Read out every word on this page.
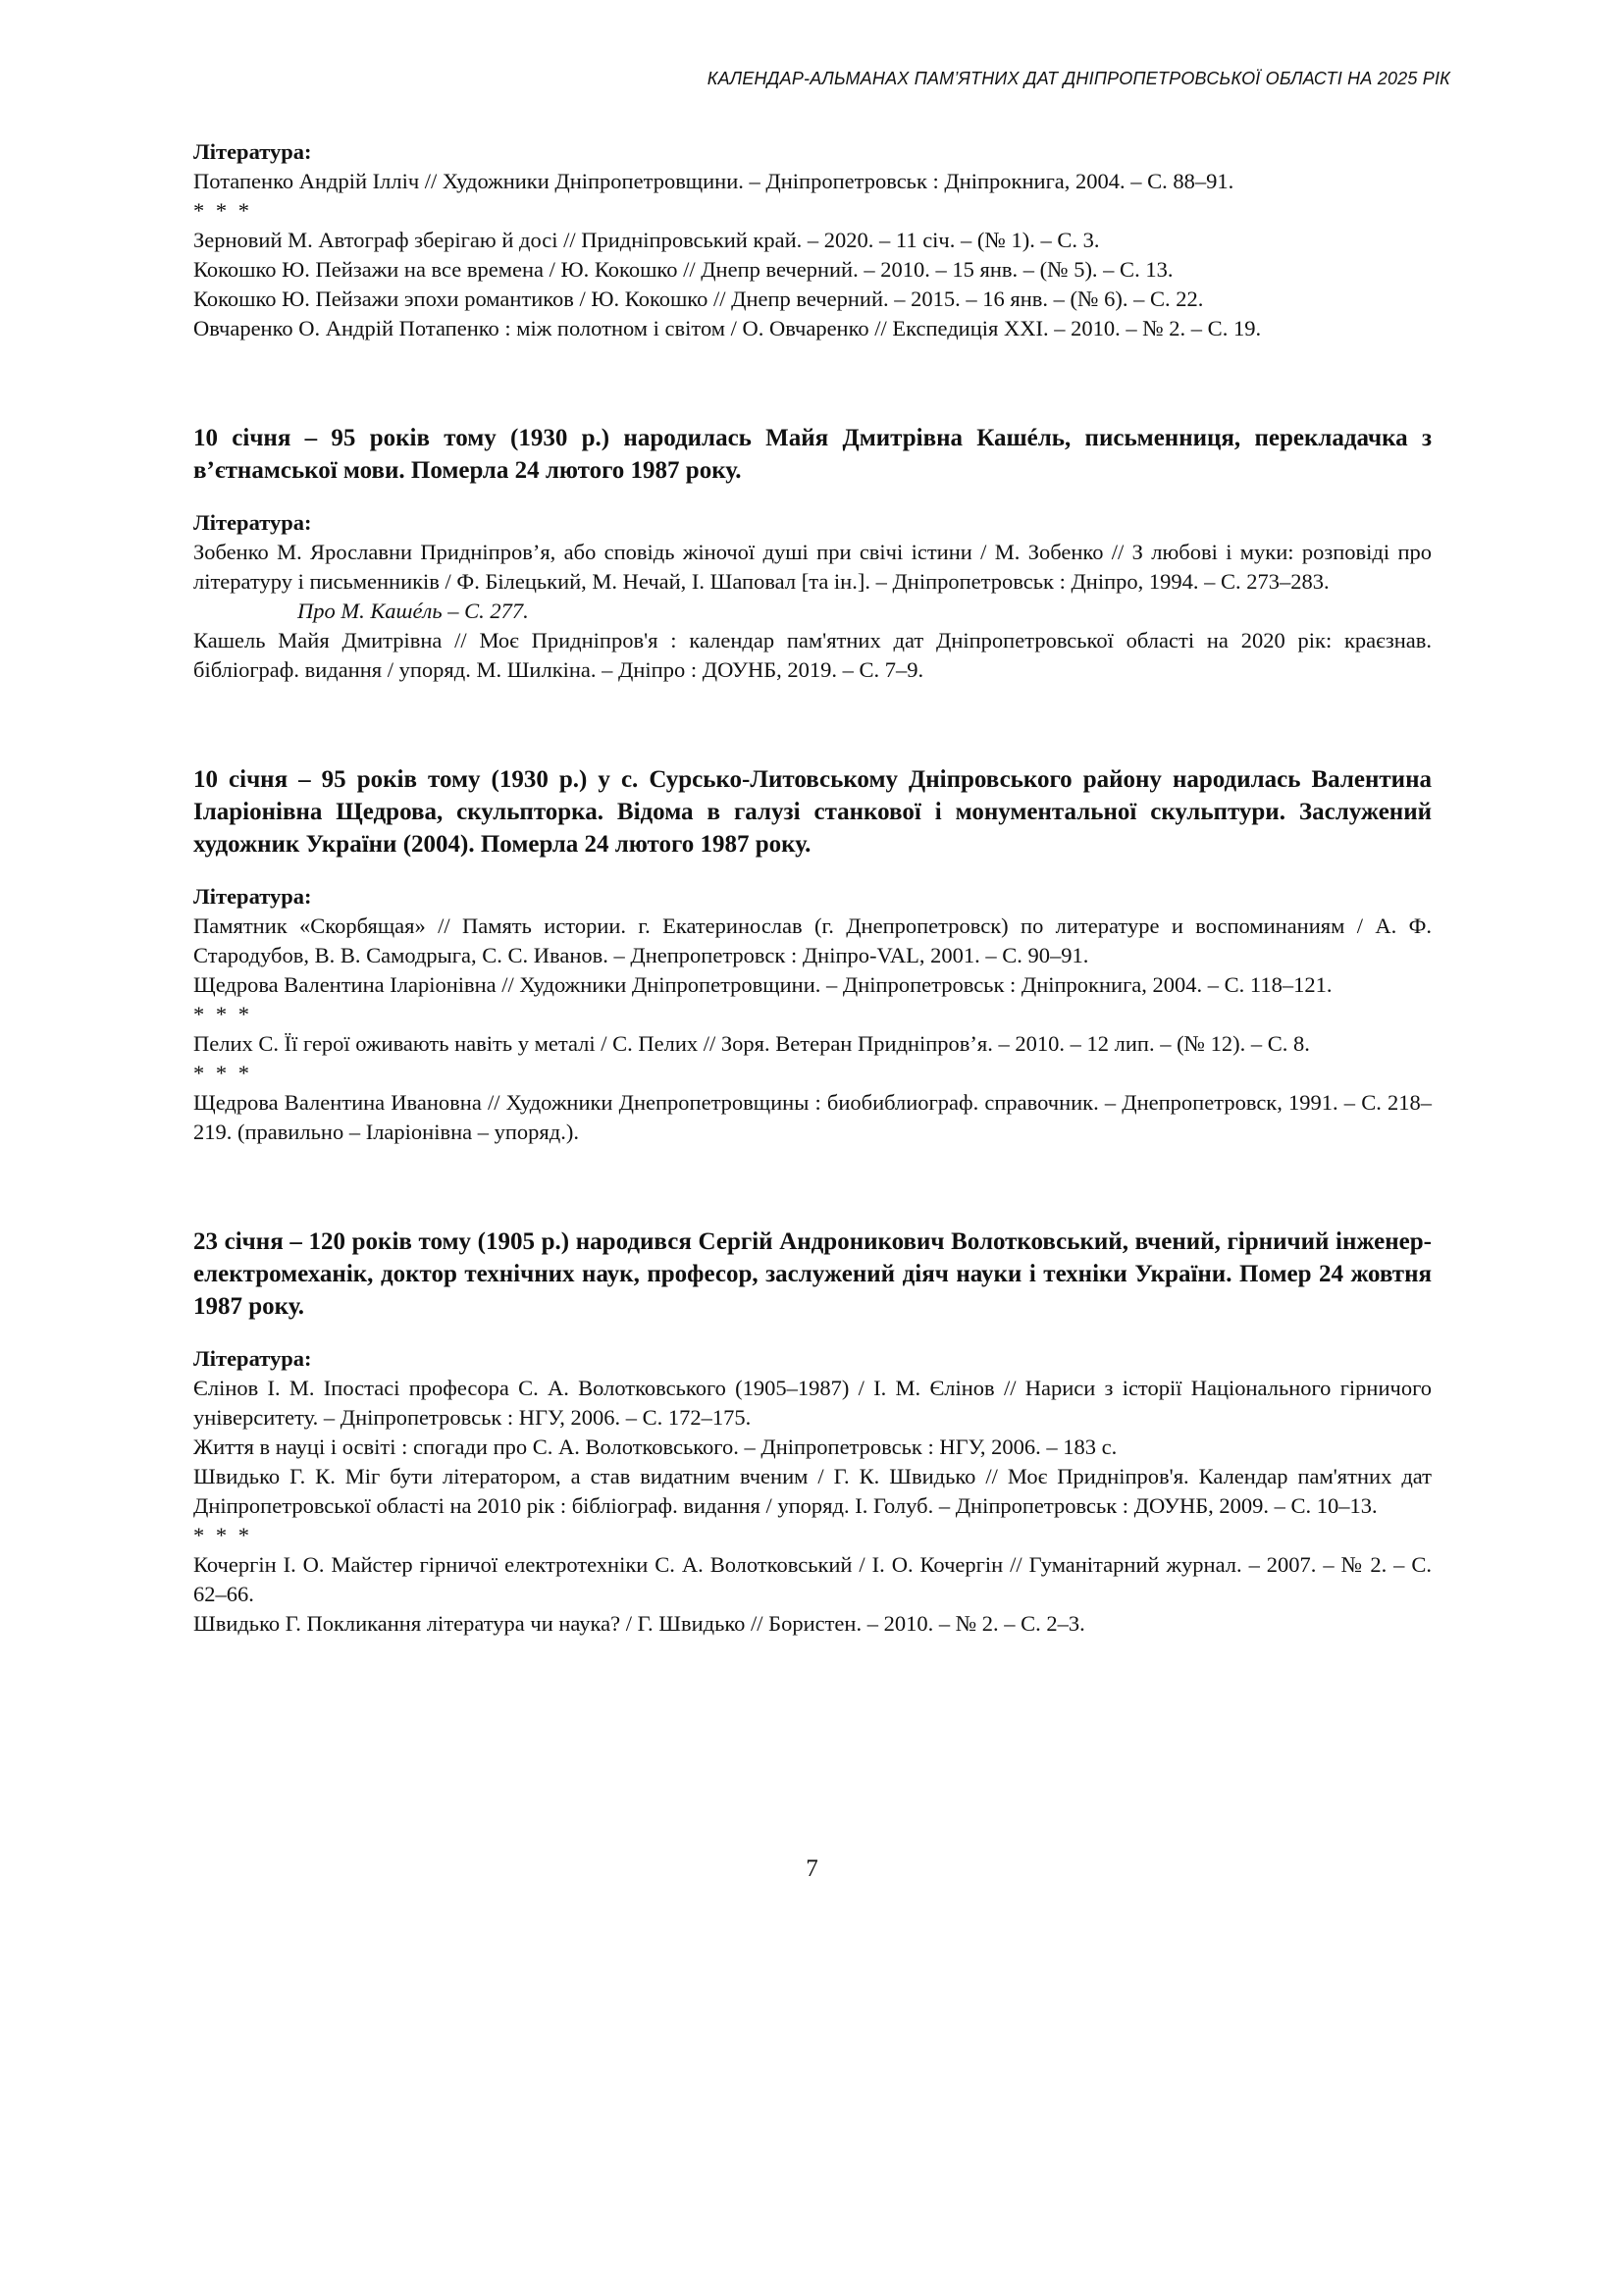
КАЛЕНДАР-АЛЬМАНАХ ПАМ’ЯТНИХ ДАТ ДНІПРОПЕТРОВСЬКОЇ ОБЛАСТІ НА 2025 РІК

Література:

Потапенко Андрій Ілліч // Художники Дніпропетровщини. – Дніпропетровськ : Дніпрокнига, 2004. – С. 88–91.

* * *

Зерновий М. Автограф зберігаю й досі // Придніпровський край. – 2020. – 11 січ. – (№ 1). – С. 3.

Кокошко Ю. Пейзажи на все времена / Ю. Кокошко // Днепр вечерний. – 2010. – 15 янв. – (№ 5). – С. 13.

Кокошко Ю. Пейзажи эпохи романтиков / Ю. Кокошко // Днепр вечерний. – 2015. – 16 янв. – (№ 6). – С. 22.

Овчаренко О. Андрій Потапенко : між полотном і світом / О. Овчаренко // Експедиція XXI. – 2010. – № 2. – С. 19.

10 січня – 95 років тому (1930 р.) народилась Майя Дмитрівна Кашéль, письменниця, перекладачка з в’єтнамської мови. Померла 24 лютого 1987 року.

Література:

Зобенко М. Ярославни Придніпров’я, або сповідь жіночої душі при свічі істини / М. Зобенко // З любові і муки: розповіді про літературу і письменників / Ф. Білецький, М. Нечай, І. Шаповал [та ін.]. – Дніпропетровськ : Дніпро, 1994. – С. 273–283.

Про М. Кашéль – С. 277.

Кашель Майя Дмитрівна // Моє Придніпров'я : календар пам'ятних дат Дніпропетровської області на 2020 рік: краєзнав. бібліограф. видання / упоряд. М. Шилкіна. – Дніпро : ДОУНБ, 2019. – С. 7–9.

10 січня – 95 років тому (1930 р.) у с. Сурсько-Литовському Дніпровського району народилась Валентина Іларіонівна Щедрова, скульпторка. Відома в галузі станкової і монументальної скульптури. Заслужений художник України (2004). Померла 24 лютого 1987 року.

Література:

Памятник «Скорбящая» // Память истории. г. Екатеринослав (г. Днепропетровск) по литературе и воспоминаниям / А. Ф. Стародубов, В. В. Самодрыга, С. С. Иванов. – Днепропетровск : Дніпро-VAL, 2001. – С. 90–91.

Щедрова Валентина Іларіонівна // Художники Дніпропетровщини. – Дніпропетровськ : Дніпрокнига, 2004. – С. 118–121.

* * *

Пелих С. Її герої оживають навіть у металі / С. Пелих // Зоря. Ветеран Придніпров’я. – 2010. – 12 лип. – (№ 12). – С. 8.

* * *

Щедрова Валентина Ивановна // Художники Днепропетровщины : биобиблиограф. справочник. – Днепропетровск, 1991. – С. 218–219. (правильно – Іларіонівна – упоряд.).

23 січня – 120 років тому (1905 р.) народився Сергій Андроникович Волотковський, вчений, гірничий інженер-електромеханік, доктор технічних наук, професор, заслужений діяч науки і техніки України. Помер 24 жовтня 1987 року.

Література:

Єлінов І. М. Іпостасі професора С. А. Волотковського (1905–1987) / І. М. Єлінов // Нариси з історії Національного гірничого університету. – Дніпропетровськ : НГУ, 2006. – С. 172–175.

Життя в науці і освіті : спогади про С. А. Волотковського. – Дніпропетровськ : НГУ, 2006. – 183 с.

Швидько Г. К. Міг бути літератором, а став видатним вченим / Г. К. Швидько // Моє Придніпров'я. Календар пам'ятних дат Дніпропетровської області на 2010 рік : бібліограф. видання / упоряд. І. Голуб. – Дніпропетровськ : ДОУНБ, 2009. – С. 10–13.

* * *

Кочергін І. О. Майстер гірничої електротехніки С. А. Волотковський / І. О. Кочергін // Гуманітарний журнал. – 2007. – № 2. – С. 62–66.

Швидько Г. Покликання література чи наука? / Г. Швидько // Бористен. – 2010. – № 2. – С. 2–3.

7
